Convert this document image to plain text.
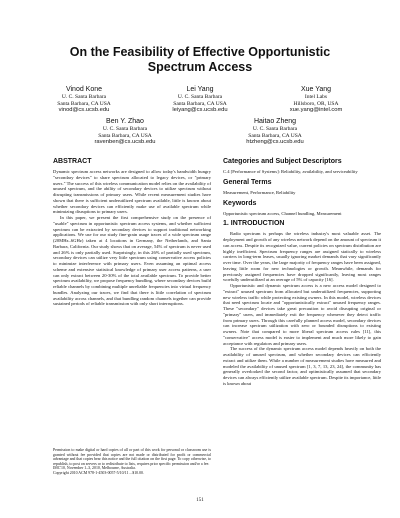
On the Feasibility of Effective Opportunistic
Spectrum Access
Vinod Kone
U. C. Santa Barbara
Santa Barbara, CA USA
vinod@cs.ucsb.edu
Lei Yang
U. C. Santa Barbara
Santa Barbara, CA USA
leiyang@cs.ucsb.edu
Xue Yang
Intel Labs
Hillsboro, OR, USA
xue.yang@intel.com
Ben Y. Zhao
U. C. Santa Barbara
Santa Barbara, CA USA
ravenben@cs.ucsb.edu
Haitao Zheng
U. C. Santa Barbara
Santa Barbara, CA USA
htzheng@cs.ucsb.edu
ABSTRACT

Dynamic spectrum access networks are designed to allow today's bandwidth hungry "secondary devices" to share spectrum allocated to legacy devices, or "primary users." The success of this wireless communication model relies on the availability of unused spectrum, and the ability of secondary devices to utilize spectrum without disrupting transmissions of primary users. While recent measurement studies have shown that there is sufficient underutilized spectrum available, little is known about whether secondary devices can efficiently make use of available spectrum while minimizing disruptions to primary users.

In this paper, we present the first comprehensive study on the presence of "usable" spectrum in opportunistic spectrum access systems, and whether sufficient spectrum can be extracted by secondary devices to support traditional networking applications. We use for our study fine-grain usage traces of a wide spectrum range (20MHz–6GHz) taken at 4 locations in Germany, the Netherlands, and Santa Barbara, California. Our study shows that on average, 54% of spectrum is never used and 26% is only partially used. Surprisingly, in this 26% of partially used spectrum, secondary devices can utilize very little spectrum using conservative access policies to minimize interference with primary users. Even assuming an optimal access scheme and extensive statistical knowledge of primary user access patterns, a user can only extract between 20-30% of the total available spectrum. To provide better spectrum availability, we propose frequency bundling, where secondary devices build reliable channels by combining multiple unreliable frequencies into virtual frequency bundles. Analyzing our traces, we find that there is little correlation of spectrum availability across channels, and that bundling random channels together can provide sustained periods of reliable transmission with only short interruptions.

Permission to make digital or hard copies of all or part of this work for personal or classroom use is granted without fee provided that copies are not made or distributed for profit or commercial advantage and that copies bear this notice and the full citation on the first page. To copy otherwise, to republish, to post on servers or to redistribute to lists, requires prior specific permission and/or a fee.
IMC'10, November 1–3, 2010, Melbourne, Australia.
Copyright 2010 ACM 978-1-4503-0057-5/10/11 ...$10.00.
Categories and Subject Descriptors

C.4 [Performance of Systems]: Reliability, availability, and serviceability

General Terms

Measurement, Performance, Reliability

Keywords

Opportunistic spectrum access, Channel bundling, Measurement

1. INTRODUCTION

Radio spectrum is perhaps the wireless industry's most valuable asset. The deployment and growth of any wireless network depend on the amount of spectrum it can access. Despite its recognized value, current policies on spectrum distribution are highly inefficient. Spectrum frequency ranges are assigned statically to wireless carriers in long-term leases, usually ignoring market demands that vary significantly over time. Over the years, the large majority of frequency ranges have been assigned, leaving little room for new technologies or growth. Meanwhile, demands for previously assigned frequencies have dropped significantly, leaving most ranges woefully underutilized at an average of 5% of capacity [16].

Opportunistic and dynamic spectrum access is a new access model designed to "extract" unused spectrum from allocated but underutilized frequencies, supporting new wireless traffic while protecting existing owners. In this model, wireless devices that need spectrum locate and "opportunistically extract" unused frequency ranges. These "secondary" devices take great precaution to avoid disrupting original or "primary" users, and immediately exit the frequency whenever they detect traffic from primary users. Through this carefully planned access model, secondary devices can increase spectrum utilization with zero or bounded disruptions to existing owners. Note that compared to more liberal spectrum access rules [11], this "conservative" access model is easier to implement and much more likely to gain acceptance with regulators and primary users.

The success of the dynamic spectrum access model depends heavily on both the availability of unused spectrum, and whether secondary devices can efficiently extract and utilize them. While a number of measurement studies have measured and modeled the availability of unused spectrum [1, 3, 7, 13, 23, 24], the community has generally overlooked the second factor, and optimistically assumed that secondary devices can always efficiently utilize available spectrum. Despite its importance, little is known about

151
